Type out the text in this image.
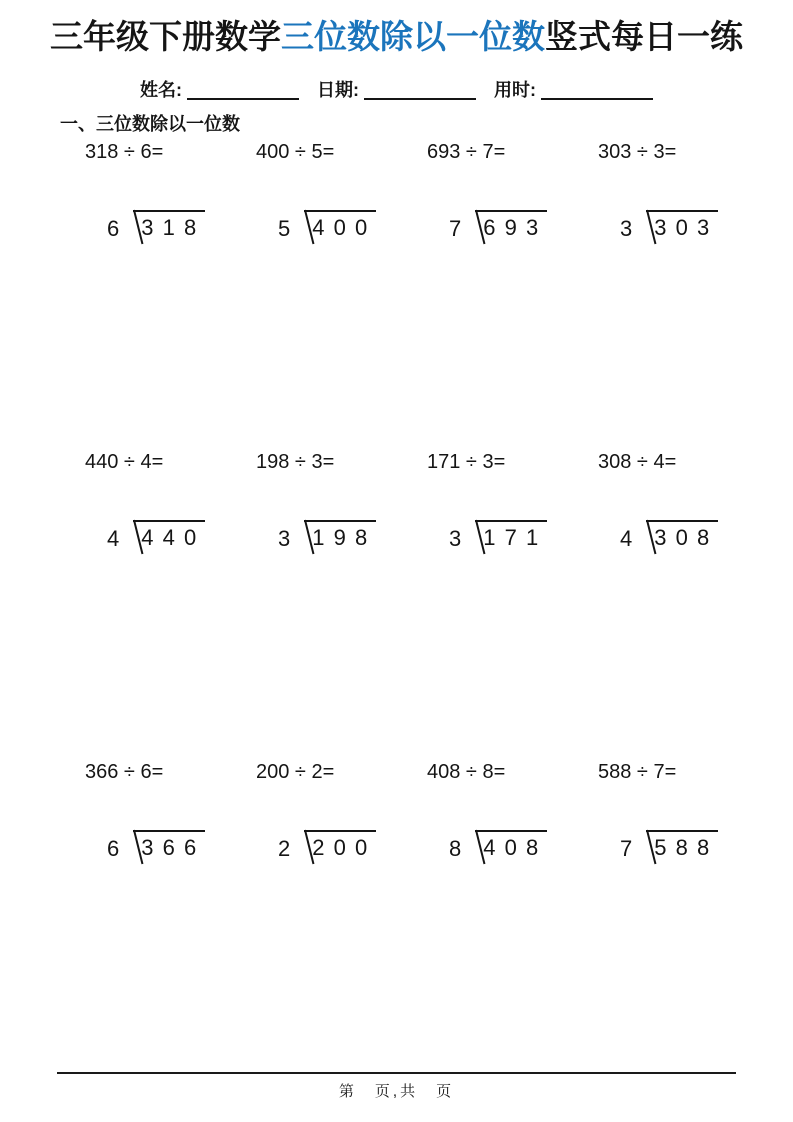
三年级下册数学三位数除以一位数竖式每日一练
姓名:	日期:	用时:
一、三位数除以一位数
318 ÷ 6=
6	3 1 8
400 ÷ 5=
5	4 0 0
693 ÷ 7=
7	6 9 3
303 ÷ 3=
3	3 0 3
440 ÷ 4=
4	4 4 0
198 ÷ 3=
3	1 9 8
171 ÷ 3=
3	1 7 1
308 ÷ 4=
4	3 0 8
366 ÷ 6=
6	3 6 6
200 ÷ 2=
2	2 0 0
408 ÷ 8=
8	4 0 8
588 ÷ 7=
7	5 8 8
第　页,共　页
